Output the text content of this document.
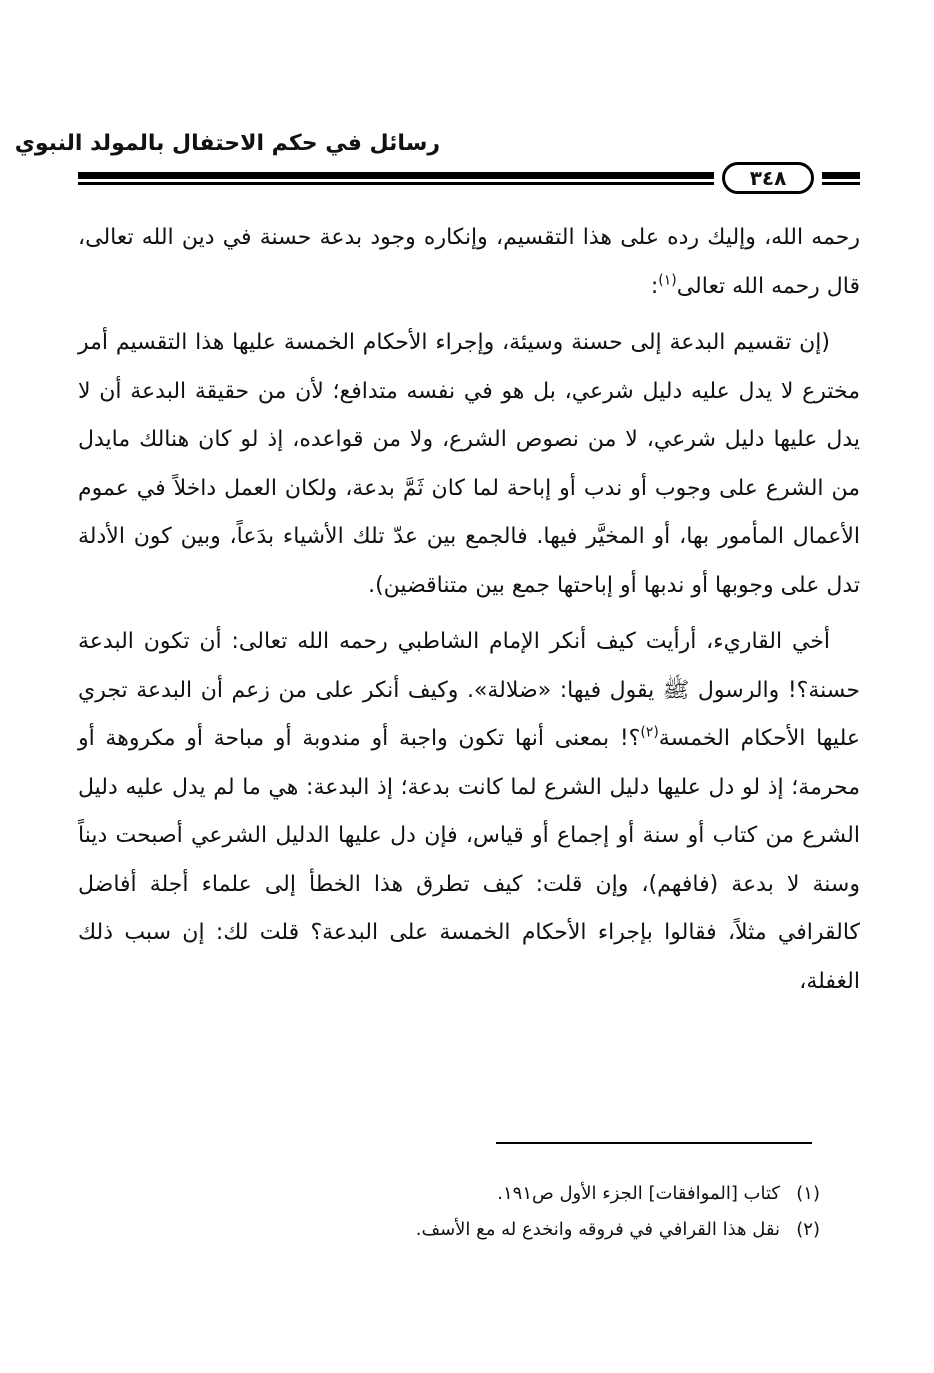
رسائل في حكم الاحتفال بالمولد النبوي
٣٤٨

رحمه الله، وإليك رده على هذا التقسيم، وإنكاره وجود بدعة حسنة في دين الله تعالى، قال رحمه الله تعالى$^{(١)}$:

(إن تقسيم البدعة إلى حسنة وسيئة، وإجراء الأحكام الخمسة عليها هذا التقسيم أمر مخترع لا يدل عليه دليل شرعي، بل هو في نفسه متدافع؛ لأن من حقيقة البدعة أن لا يدل عليها دليل شرعي، لا من نصوص الشرع، ولا من قواعده، إذ لو كان هنالك مايدل من الشرع على وجوب أو ندب أو إباحة لما كان ثَمَّ بدعة، ولكان العمل داخلاً في عموم الأعمال المأمور بها، أو المخيَّر فيها. فالجمع بين عدّ تلك الأشياء بدَعاً، وبين كون الأدلة تدل على وجوبها أو ندبها أو إباحتها جمع بين متناقضين).

أخي القاريء، أرأيت كيف أنكر الإمام الشاطبي رحمه الله تعالى: أن تكون البدعة حسنة؟! والرسول ﷺ يقول فيها: «ضلالة». وكيف أنكر على من زعم أن البدعة تجري عليها الأحكام الخمسة$^{(٢)}$؟! بمعنى أنها تكون واجبة أو مندوبة أو مباحة أو مكروهة أو محرمة؛ إذ لو دل عليها دليل الشرع لما كانت بدعة؛ إذ البدعة: هي ما لم يدل عليه دليل الشرع من كتاب أو سنة أو إجماع أو قياس، فإن دل عليها الدليل الشرعي أصبحت ديناً وسنة لا بدعة (فافهم)، وإن قلت: كيف تطرق هذا الخطأ إلى علماء أجلة أفاضل كالقرافي مثلاً، فقالوا بإجراء الأحكام الخمسة على البدعة؟ قلت لك: إن سبب ذلك الغفلة،

(١)
كتاب [الموافقات] الجزء الأول ص١٩١.
(٢)
نقل هذا القرافي في فروقه وانخدع له مع الأسف.
